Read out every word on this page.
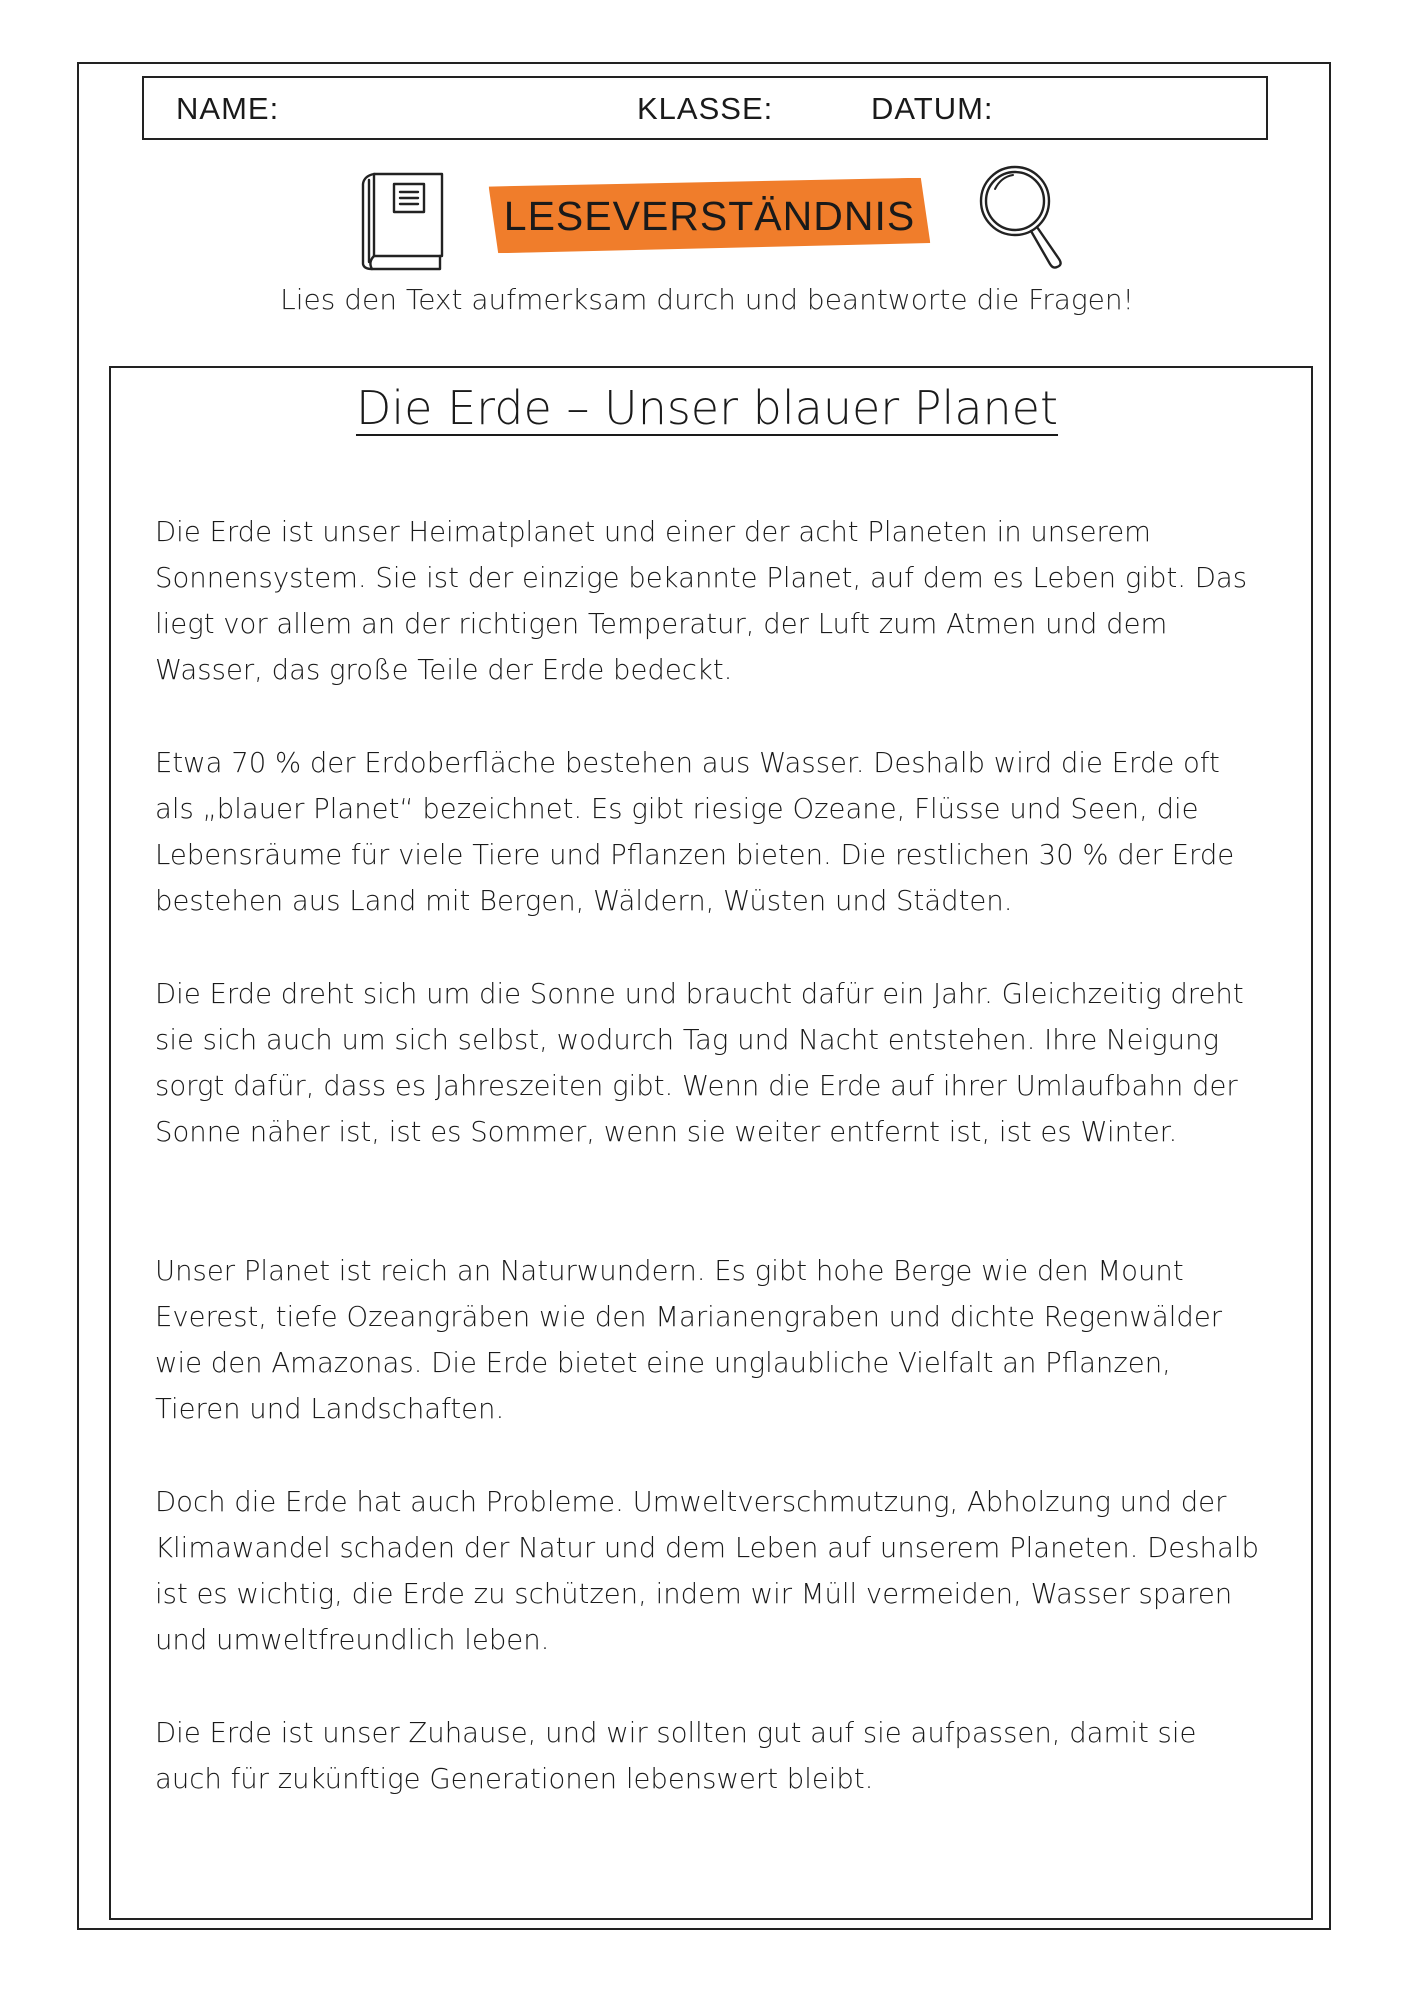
NAME:	KLASSE:	DATUM:
LESEVERSTÄNDNIS
Lies den Text aufmerksam durch und beantworte die Fragen!
Die Erde – Unser blauer Planet

Die Erde ist unser Heimatplanet und einer der acht Planeten in unserem Sonnensystem. Sie ist der einzige bekannte Planet, auf dem es Leben gibt. Das liegt vor allem an der richtigen Temperatur, der Luft zum Atmen und dem Wasser, das große Teile der Erde bedeckt.

Etwa 70 % der Erdoberfläche bestehen aus Wasser. Deshalb wird die Erde oft als „blauer Planet“ bezeichnet. Es gibt riesige Ozeane, Flüsse und Seen, die Lebensräume für viele Tiere und Pflanzen bieten. Die restlichen 30 % der Erde bestehen aus Land mit Bergen, Wäldern, Wüsten und Städten.

Die Erde dreht sich um die Sonne und braucht dafür ein Jahr. Gleichzeitig dreht sie sich auch um sich selbst, wodurch Tag und Nacht entstehen. Ihre Neigung sorgt dafür, dass es Jahreszeiten gibt. Wenn die Erde auf ihrer Umlaufbahn der Sonne näher ist, ist es Sommer, wenn sie weiter entfernt ist, ist es Winter.

Unser Planet ist reich an Naturwundern. Es gibt hohe Berge wie den Mount Everest, tiefe Ozeangräben wie den Marianengraben und dichte Regenwälder wie den Amazonas. Die Erde bietet eine unglaubliche Vielfalt an Pflanzen, Tieren und Landschaften.

Doch die Erde hat auch Probleme. Umweltverschmutzung, Abholzung und der Klimawandel schaden der Natur und dem Leben auf unserem Planeten. Deshalb ist es wichtig, die Erde zu schützen, indem wir Müll vermeiden, Wasser sparen und umweltfreundlich leben.

Die Erde ist unser Zuhause, und wir sollten gut auf sie aufpassen, damit sie auch für zukünftige Generationen lebenswert bleibt.
